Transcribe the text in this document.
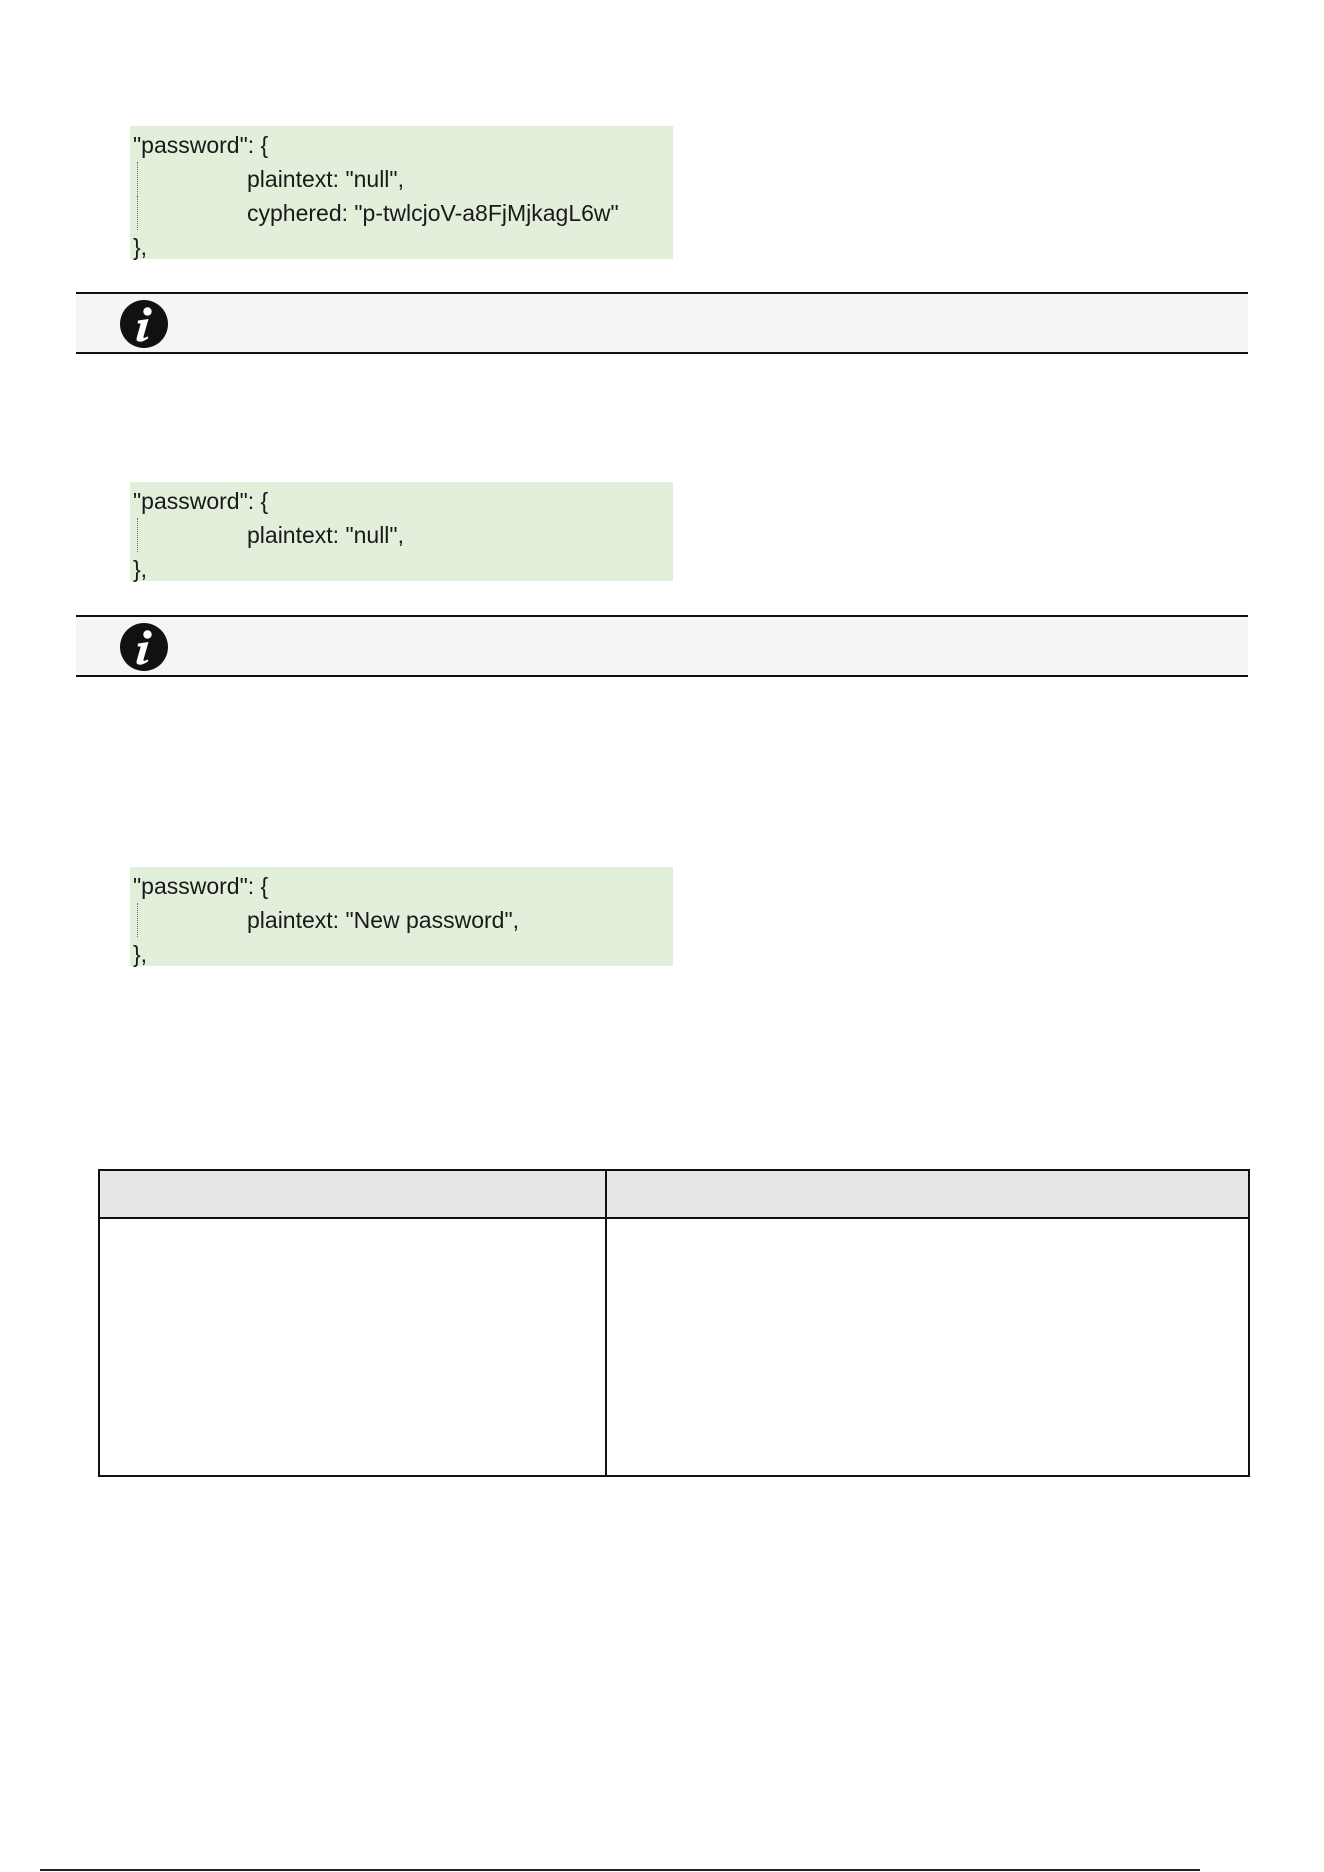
"password": {
plaintext: "null",
cyphered: "p-twlcjoV-a8FjMjkagL6w"
},
"password": {
plaintext: "null",
},
"password": {
plaintext: "New password",
},
